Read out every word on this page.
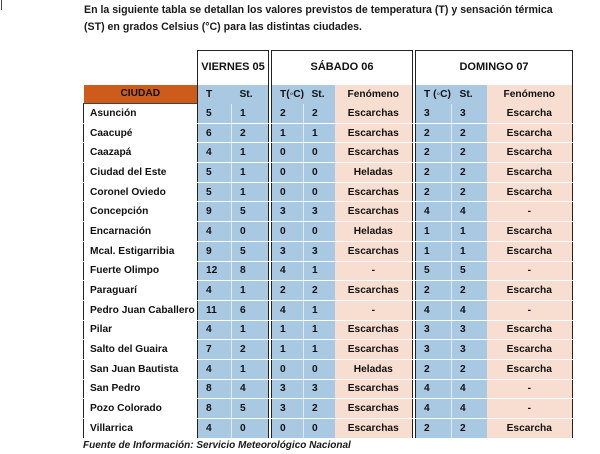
En la siguiente tabla se detallan los valores previstos de temperatura (T) y sensación térmica
(ST) en grados Celsius (°C) para las distintas ciudades.
	VIERNES 05			SÁBADO 06				DOMINGO 07		
CIUDAD	T	St.		T(◦C)	St.	Fenómeno		T (◦C)	St.	Fenómeno
Asunción	5	1		2	2	Escarchas		3	3	Escarcha
Caacupé	6	2		1	1	Escarchas		2	2	Escarcha
Caazapá	4	1		0	0	Escarchas		2	2	Escarcha
Ciudad del Este	5	1		0	0	Heladas		2	2	Escarcha
Coronel Oviedo	5	1		0	0	Escarchas		2	2	Escarcha
Concepción	9	5		3	3	Escarchas		4	4	-
Encarnación	4	0		0	0	Heladas		1	1	Escarcha
Mcal. Estigarribia	9	5		3	3	Escarchas		1	1	Escarcha
Fuerte Olimpo	12	8		4	1	-		5	5	-
Paraguarí	4	1		2	2	Escarchas		2	2	Escarcha
Pedro Juan Caballero	11	6		4	1	-		4	4	-
Pilar	4	1		1	1	Escarchas		3	3	Escarcha
Salto del Guaira	7	2		1	1	Escarchas		3	3	Escarcha
San Juan Bautista	4	1		0	0	Heladas		2	2	Escarcha
San Pedro	8	4		3	3	Escarchas		4	4	-
Pozo Colorado	8	5		3	2	Escarchas		4	4	-
Villarrica	4	0		0	0	Escarchas		2	2	Escarcha
Fuente de Información: Servicio Meteorológico Nacional
